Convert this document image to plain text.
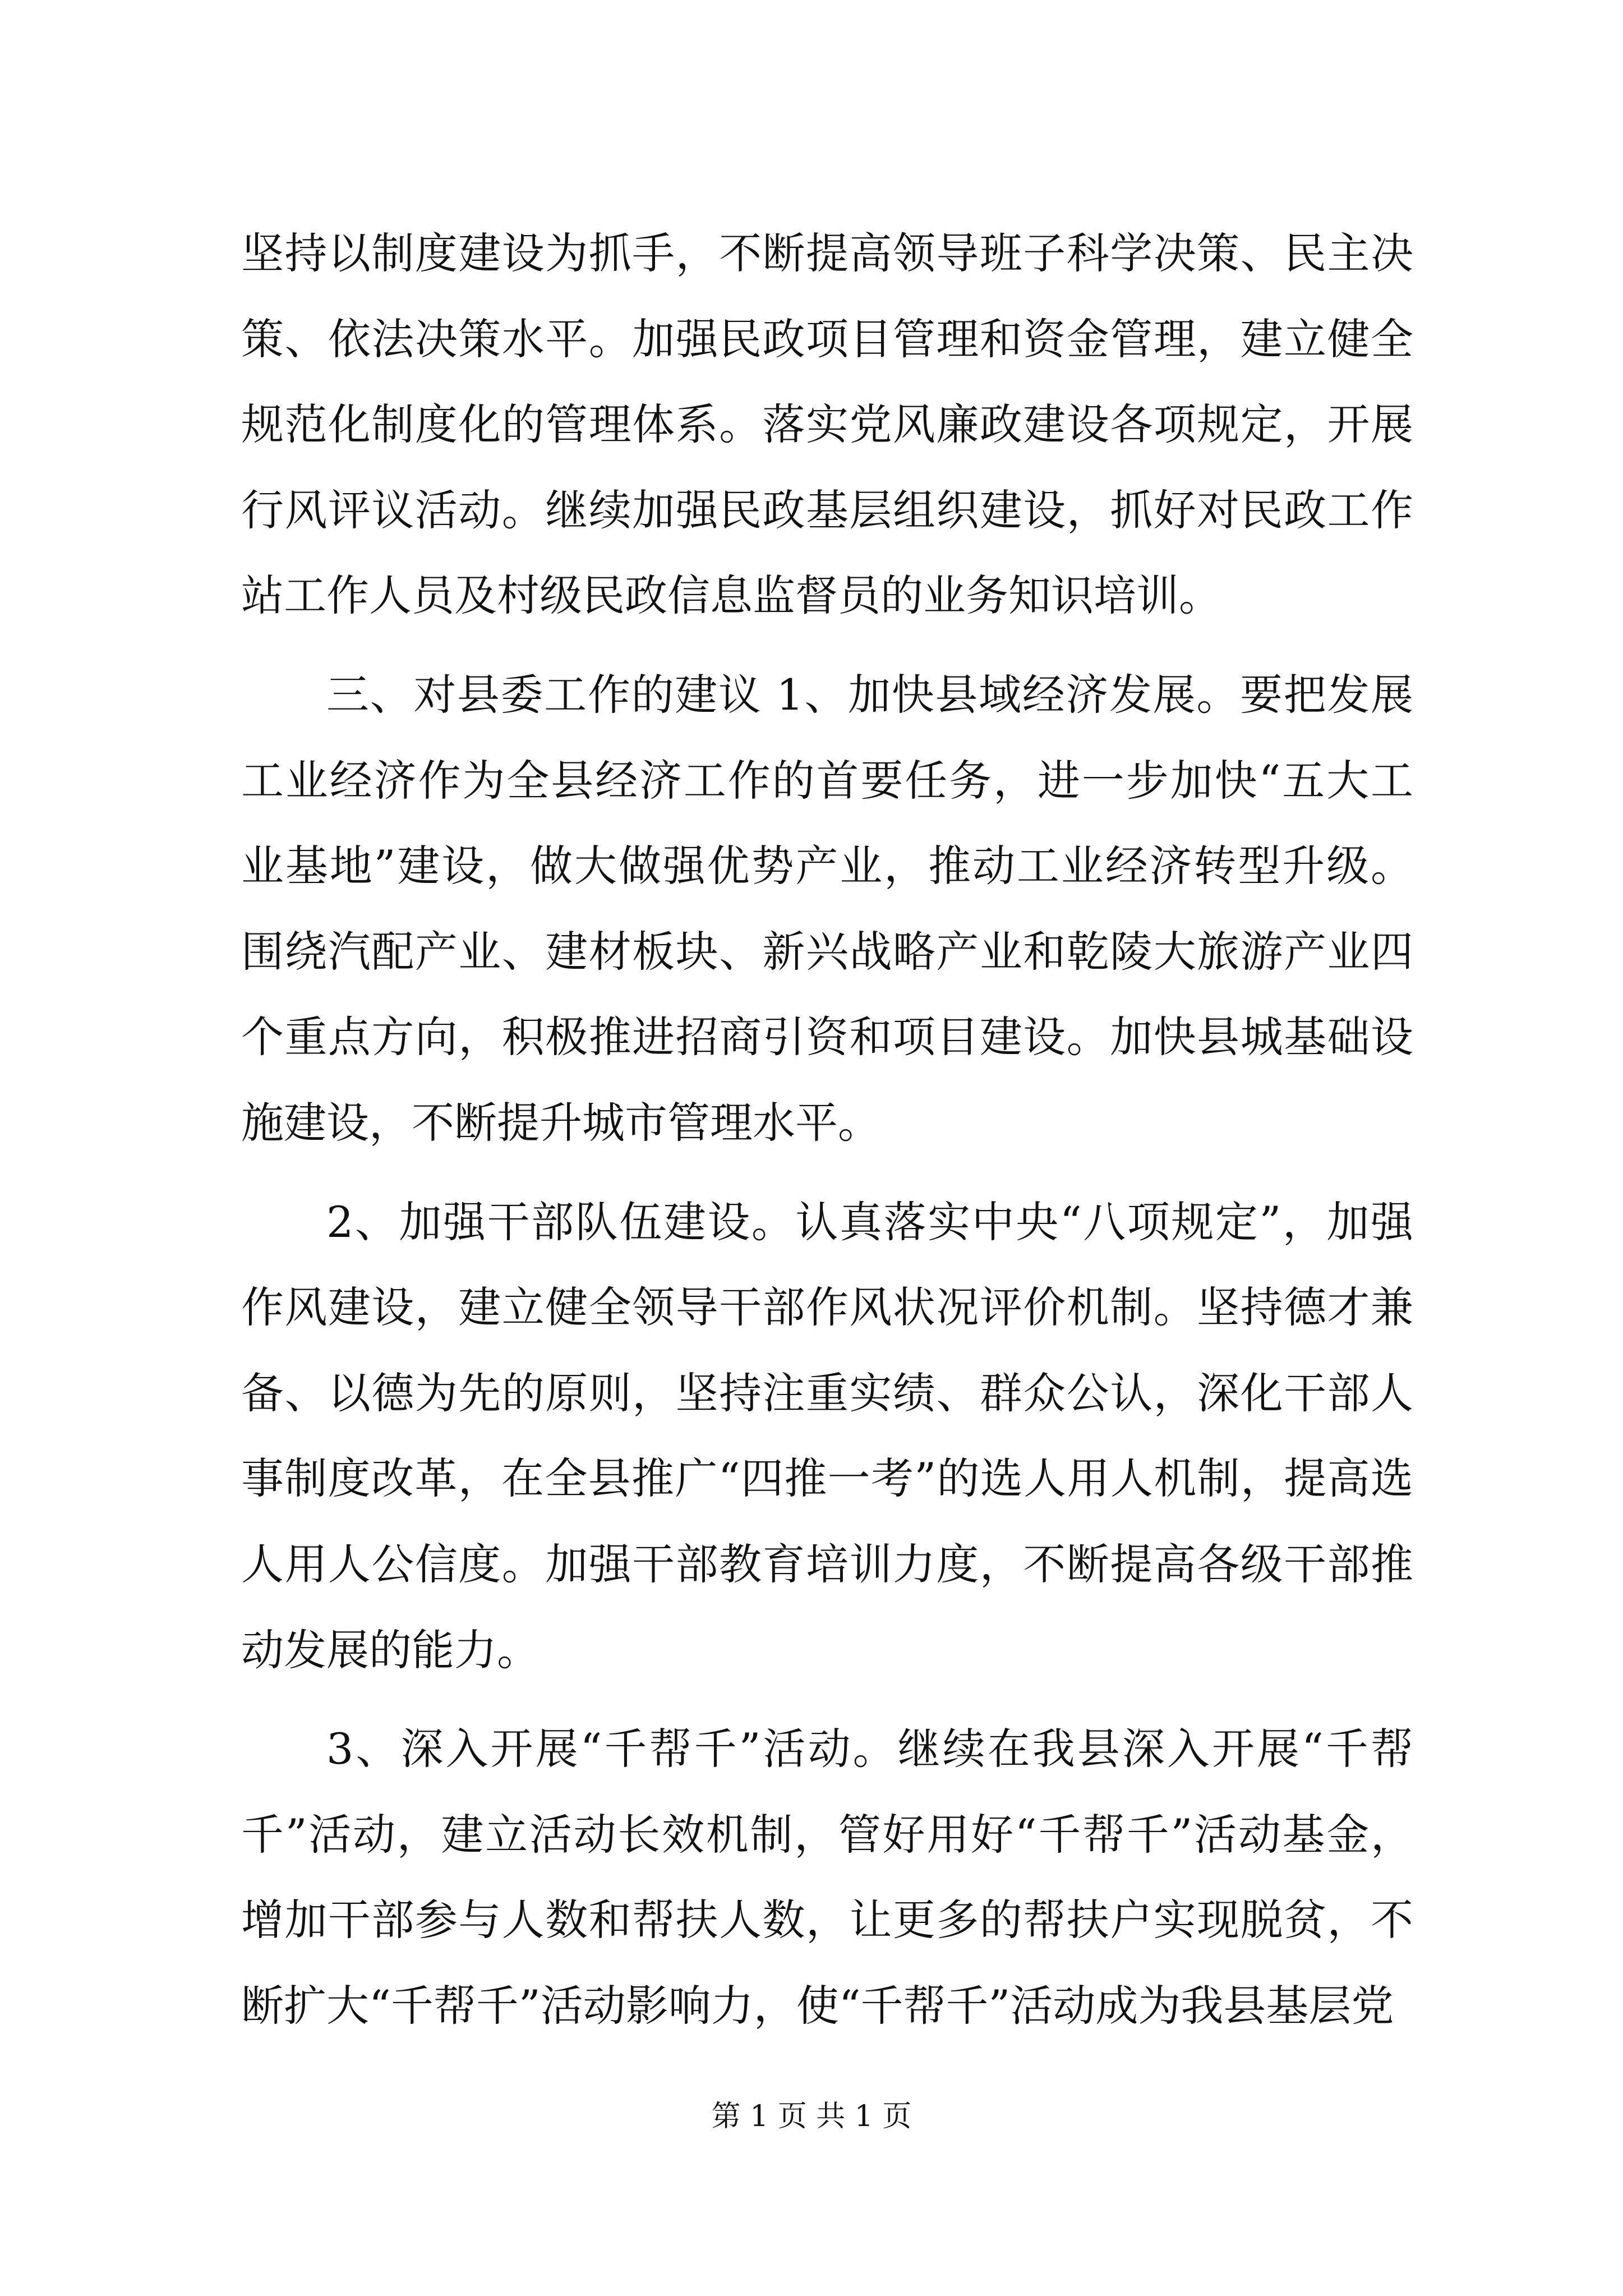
坚持以制度建设为抓手，不断提高领导班子科学决策、民主决策、依法决策水平。加强民政项目管理和资金管理，建立健全规范化制度化的管理体系。落实党风廉政建设各项规定，开展行风评议活动。继续加强民政基层组织建设，抓好对民政工作站工作人员及村级民政信息监督员的业务知识培训。

三、对县委工作的建议 1、加快县域经济发展。要把发展工业经济作为全县经济工作的首要任务，进一步加快“五大工业基地”建设，做大做强优势产业，推动工业经济转型升级。围绕汽配产业、建材板块、新兴战略产业和乾陵大旅游产业四个重点方向，积极推进招商引资和项目建设。加快县城基础设施建设，不断提升城市管理水平。

2、加强干部队伍建设。认真落实中央“八项规定”，加强作风建设，建立健全领导干部作风状况评价机制。坚持德才兼备、以德为先的原则，坚持注重实绩、群众公认，深化干部人事制度改革，在全县推广“四推一考”的选人用人机制，提高选人用人公信度。加强干部教育培训力度，不断提高各级干部推动发展的能力。

3、深入开展“千帮千”活动。继续在我县深入开展“千帮千”活动，建立活动长效机制，管好用好“千帮千”活动基金，增加干部参与人数和帮扶人数，让更多的帮扶户实现脱贫，不断扩大“千帮千”活动影响力，使“千帮千”活动成为我县基层党

第 1 页 共 1 页
